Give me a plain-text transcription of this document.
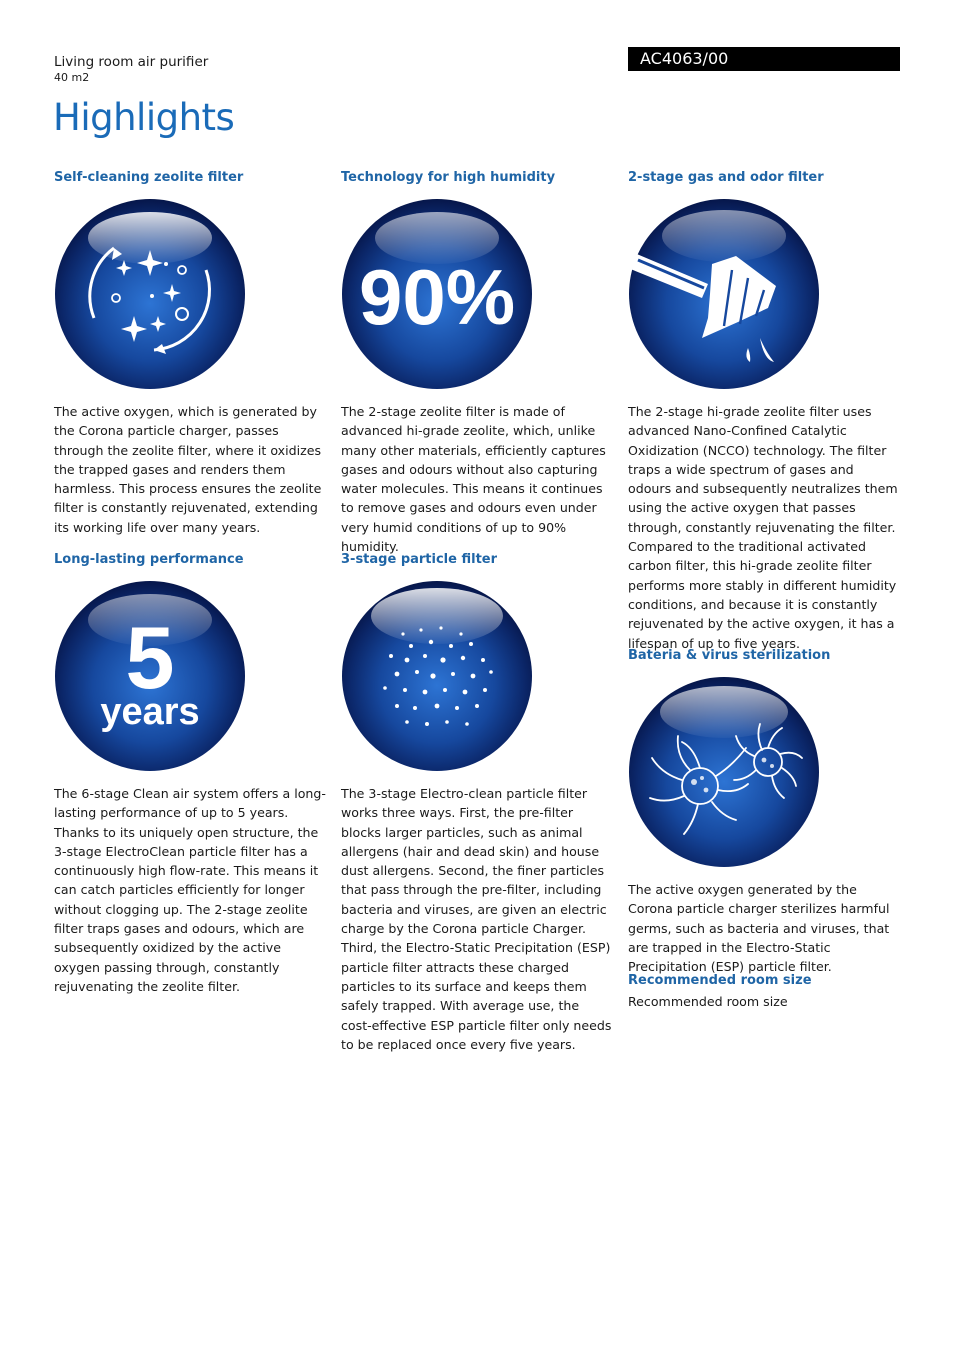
Living room air purifier
40 m2
AC4063/00
Highlights
Self-cleaning zeolite filter

The active oxygen, which is generated by the Corona particle charger, passes through the zeolite filter, where it oxidizes the trapped gases and renders them harmless. This process ensures the zeolite filter is constantly rejuvenated, extending its working life over many years.

Long-lasting performance
5
years

The 6-stage Clean air system offers a long-lasting performance of up to 5 years. Thanks to its uniquely open structure, the 3-stage ElectroClean particle filter has a continuously high flow-rate. This means it can catch particles efficiently for longer without clogging up. The 2-stage zeolite filter traps gases and odours, which are subsequently oxidized by the active oxygen passing through, constantly rejuvenating the zeolite filter.

Technology for high humidity
90%

The 2-stage zeolite filter is made of advanced hi-grade zeolite, which, unlike many other materials, efficiently captures gases and odours without also capturing water molecules. This means it continues to remove gases and odours even under very humid conditions of up to 90% humidity.

3-stage particle filter

The 3-stage Electro-clean particle filter works three ways. First, the pre-filter blocks larger particles, such as animal allergens (hair and dead skin) and house dust allergens. Second, the finer particles that pass through the pre-filter, including bacteria and viruses, are given an electric charge by the Corona particle Charger. Third, the Electro-Static Precipitation (ESP) particle filter attracts these charged particles to its surface and keeps them safely trapped. With average use, the cost-effective ESP particle filter only needs to be replaced once every five years.

2-stage gas and odor filter

The 2-stage hi-grade zeolite filter uses advanced Nano-Confined Catalytic Oxidization (NCCO) technology. The filter traps a wide spectrum of gases and odours and subsequently neutralizes them using the active oxygen that passes through, constantly rejuvenating the filter. Compared to the traditional activated carbon filter, this hi-grade zeolite filter performs more stably in different humidity conditions, and because it is constantly rejuvenated by the active oxygen, it has a lifespan of up to five years.

Bateria & virus sterilization

The active oxygen generated by the Corona particle charger sterilizes harmful germs, such as bacteria and viruses, that are trapped in the Electro-Static Precipitation (ESP) particle filter.

Recommended room size

Recommended room size
